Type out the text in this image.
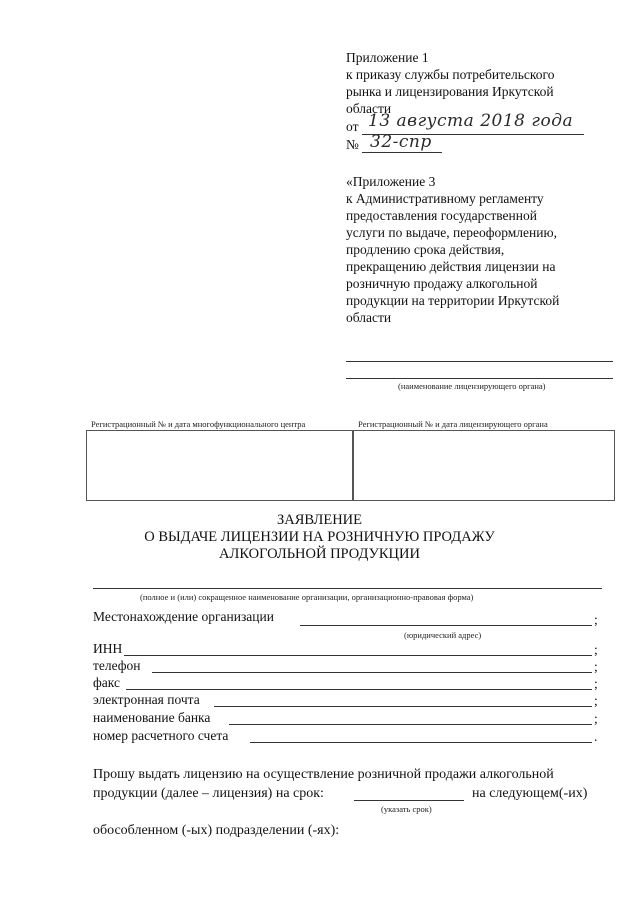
Приложение 1
к приказу службы потребительского
рынка и лицензирования Иркутской
области
от 13 августа 2018 года
№ 32-спр
«Приложение 3
к Административному регламенту
предоставления государственной
услуги по выдаче, переоформлению,
продлению срока действия,
прекращению действия лицензии на
розничную продажу алкогольной
продукции на территории Иркутской
области
(наименование лицензирующего органа)
Регистрационный № и дата многофункционального центра	Регистрационный № и дата лицензирующего органа
ЗАЯВЛЕНИЕ
О ВЫДАЧЕ ЛИЦЕНЗИИ НА РОЗНИЧНУЮ ПРОДАЖУ
АЛКОГОЛЬНОЙ ПРОДУКЦИИ
(полное и (или) сокращенное наименование организации, организационно-правовая форма)
Местонахождение организации	;
(юридический адрес)
ИНН	;
телефон	;
факс	;
электронная почта	;
наименование банка	;
номер расчетного счета	.
Прошу выдать лицензию на осуществление розничной продажи алкогольной
продукции (далее – лицензия) на срок:	на следующем(-их)
(указать срок)
обособленном (-ых) подразделении (-ях):
